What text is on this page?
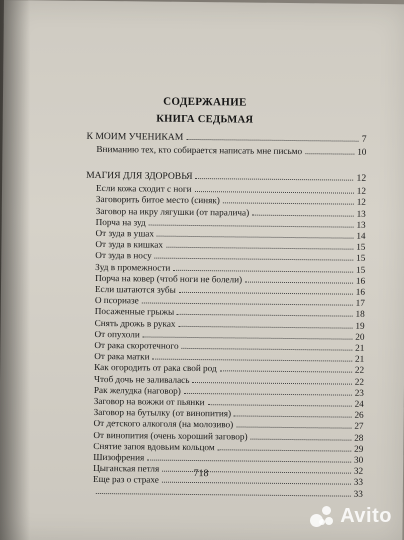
СОДЕРЖАНИЕ
КНИГА СЕДЬМАЯ
К МОИМ УЧЕНИКАМ	7
Вниманию тех, кто собирается написать мне письмо	10
МАГИЯ ДЛЯ ЗДОРОВЬЯ	12
Если кожа сходит с ноги	12
Заговорить битое место (синяк)	12
Заговор на икру лягушки (от паралича)	13
Порча на зуд	13
От зуда в ушах	14
От зуда в кишках	15
От зуда в носу	15
Зуд в промежности	15
Порча на ковер (чтоб ноги не болели)	16
Если шатаются зубы	16
О псориазе	17
Посаженные грыжы	18
Снять дрожь в руках	19
От опухоли	20
От рака скоротечного	21
От рака матки	21
Как огородить от рака свой род	22
Чтоб дочь не заливалась	22
Рак желудка (наговор)	23
Заговор на вожжи от пьянки	24
Заговор на бутылку (от винопития)	26
От детского алкоголя (на молозиво)	27
От винопития (очень хороший заговор)	28
Снятие запоя вдовьим кольцом	29
Шизофрения	30
Цыганская петля	32
Еще раз о страхе	33
33
718
Avito
